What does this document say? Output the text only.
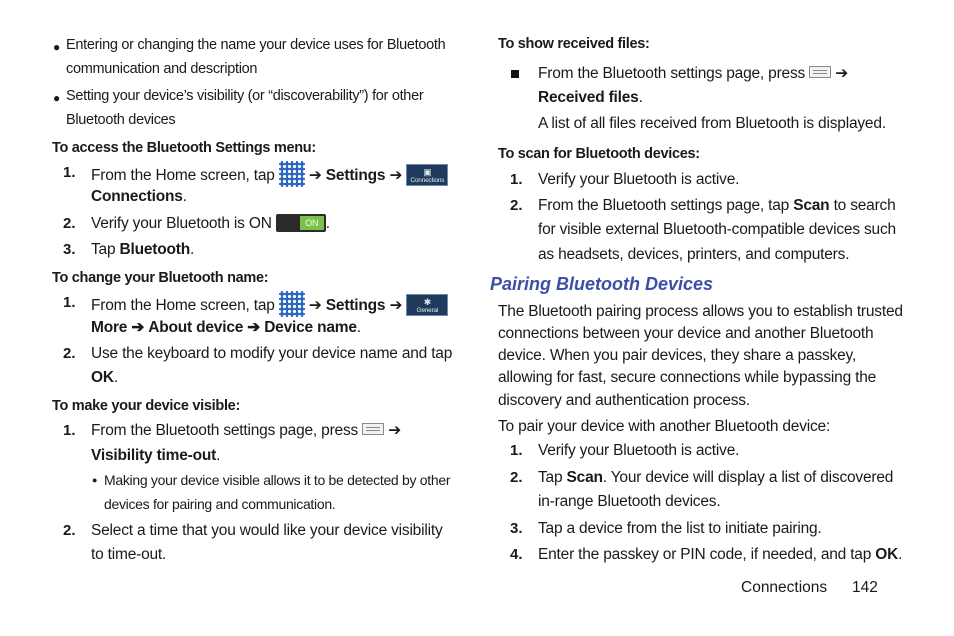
● Entering or changing the name your device uses for Bluetooth
communication and description
● Setting your device’s visibility (or “discoverability”) for other
Bluetooth devices
To access the Bluetooth Settings menu:
1. From the Home screen, tap ➔ Settings ➔	▣
Connections
Connections.
2. Verify your Bluetooth is ON	ON .
3. Tap Bluetooth.
To change your Bluetooth name:
1. From the Home screen, tap ➔ Settings ➔	✱
General
More ➔ About device ➔ Device name.
2. Use the keyboard to modify your device name and tap
OK.
To make your device visible:
1. From the Bluetooth settings page, press ➔
Visibility time-out.
● Making your device visible allows it to be detected by other
devices for pairing and communication.
2. Select a time that you would like your device visibility
to time-out.
To show received files:
From the Bluetooth settings page, press ➔
Received files.
A list of all files received from Bluetooth is displayed.
To scan for Bluetooth devices:
1. Verify your Bluetooth is active.
2. From the Bluetooth settings page, tap Scan to search
for visible external Bluetooth-compatible devices such
as headsets, devices, printers, and computers.
Pairing Bluetooth Devices
The Bluetooth pairing process allows you to establish trusted
connections between your device and another Bluetooth
device. When you pair devices, they share a passkey,
allowing for fast, secure connections while bypassing the
discovery and authentication process.
To pair your device with another Bluetooth device:
1. Verify your Bluetooth is active.
2. Tap Scan. Your device will display a list of discovered
in-range Bluetooth devices.
3. Tap a device from the list to initiate pairing.
4. Enter the passkey or PIN code, if needed, and tap OK.
Connections 142
